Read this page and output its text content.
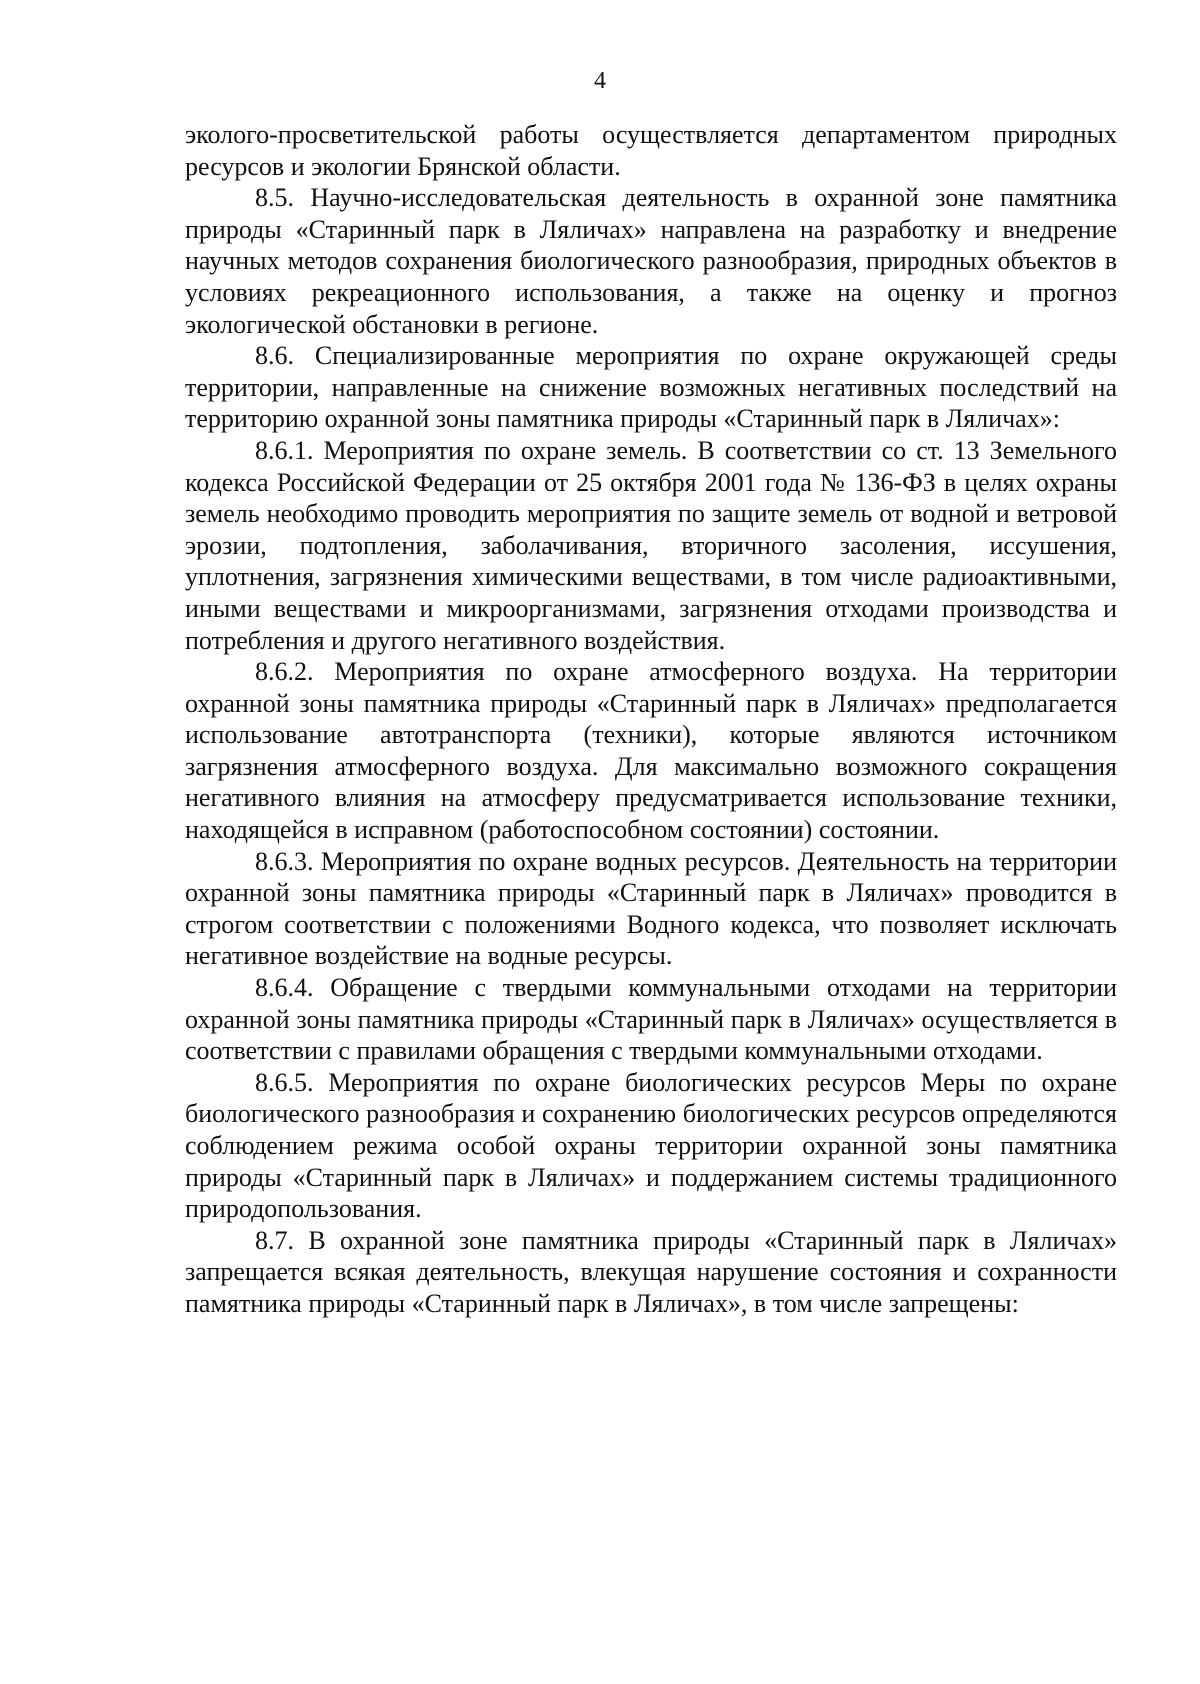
4

эколого-просветительской работы осуществляется департаментом природных ресурсов и экологии Брянской области.

8.5. Научно-исследовательская деятельность в охранной зоне памятника природы «Старинный парк в Ляличах» направлена на разработку и внедрение научных методов сохранения биологического разнообразия, природных объектов в условиях рекреационного использования, а также на оценку и прогноз экологической обстановки в регионе.

8.6. Специализированные мероприятия по охране окружающей среды территории, направленные на снижение возможных негативных последствий на территорию охранной зоны памятника природы «Старинный парк в Ляличах»:

8.6.1. Мероприятия по охране земель. В соответствии со ст. 13 Земельного кодекса Российской Федерации от 25 октября 2001 года № 136-ФЗ в целях охраны земель необходимо проводить мероприятия по защите земель от водной и ветровой эрозии, подтопления, заболачивания, вторичного засоления, иссушения, уплотнения, загрязнения химическими веществами, в том числе радиоактивными, иными веществами и микроорганизмами, загрязнения отходами производства и потребления и другого негативного воздействия.

8.6.2. Мероприятия по охране атмосферного воздуха. На территории охранной зоны памятника природы «Старинный парк в Ляличах» предполагается использование автотранспорта (техники), которые являются источником загрязнения атмосферного воздуха. Для максимально возможного сокращения негативного влияния на атмосферу предусматривается использование техники, находящейся в исправном (работоспособном состоянии) состоянии.

8.6.3. Мероприятия по охране водных ресурсов. Деятельность на территории охранной зоны памятника природы «Старинный парк в Ляличах» проводится в строгом соответствии с положениями Водного кодекса, что позволяет исключать негативное воздействие на водные ресурсы.

8.6.4. Обращение с твердыми коммунальными отходами на территории охранной зоны памятника природы «Старинный парк в Ляличах» осуществляется в соответствии с правилами обращения с твердыми коммунальными отходами.

8.6.5. Мероприятия по охране биологических ресурсов Меры по охране биологического разнообразия и сохранению биологических ресурсов определяются соблюдением режима особой охраны территории охранной зоны памятника природы «Старинный парк в Ляличах» и поддержанием системы традиционного природопользования.

8.7. В охранной зоне памятника природы «Старинный парк в Ляличах» запрещается всякая деятельность, влекущая нарушение состояния и сохранности памятника природы «Старинный парк в Ляличах», в том числе запрещены:
